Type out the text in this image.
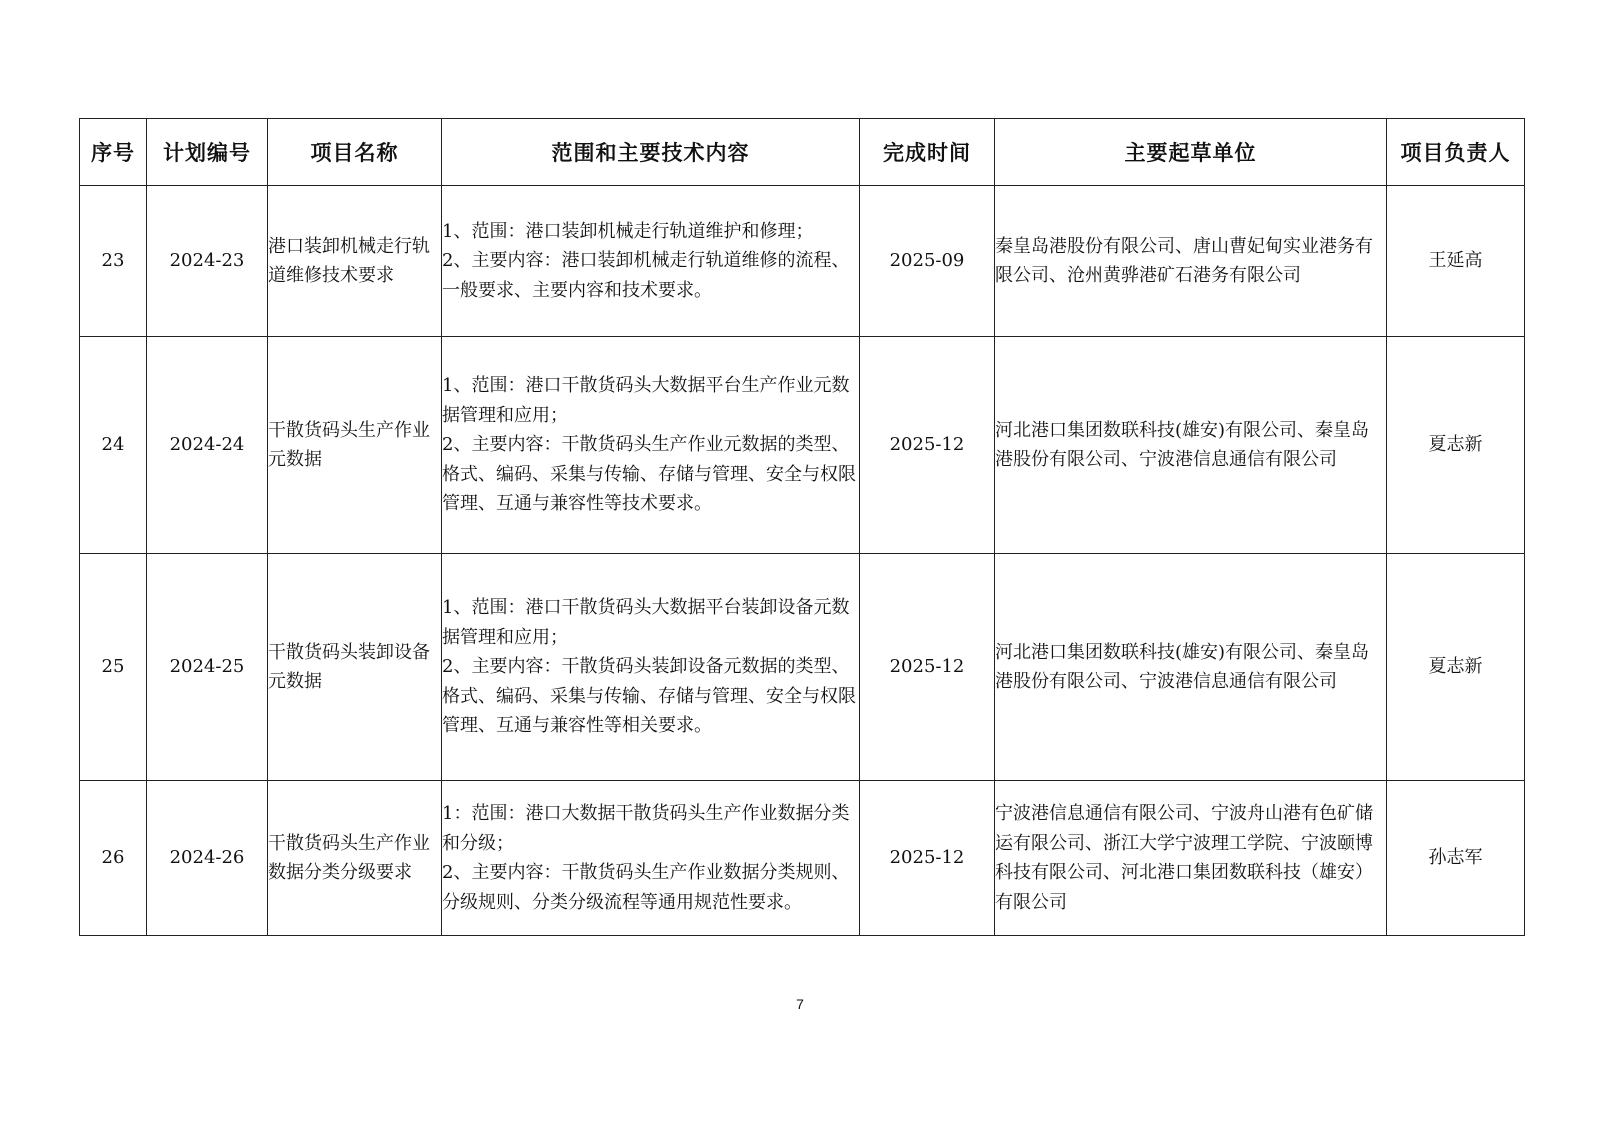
序号	计划编号	项目名称	范围和主要技术内容	完成时间	主要起草单位	项目负责人
23	2024-23	港口装卸机械走行轨道维修技术要求	1、范围：港口装卸机械走行轨道维护和修理；
2、主要内容：港口装卸机械走行轨道维修的流程、一般要求、主要内容和技术要求。	2025-09	秦皇岛港股份有限公司、唐山曹妃甸实业港务有限公司、沧州黄骅港矿石港务有限公司	王延高
24	2024-24	干散货码头生产作业元数据	1、范围：港口干散货码头大数据平台生产作业元数据管理和应用；
2、主要内容：干散货码头生产作业元数据的类型、格式、编码、采集与传输、存储与管理、安全与权限管理、互通与兼容性等技术要求。	2025-12	河北港口集团数联科技(雄安)有限公司、秦皇岛港股份有限公司、宁波港信息通信有限公司	夏志新
25	2024-25	干散货码头装卸设备元数据	1、范围：港口干散货码头大数据平台装卸设备元数据管理和应用；
2、主要内容：干散货码头装卸设备元数据的类型、格式、编码、采集与传输、存储与管理、安全与权限管理、互通与兼容性等相关要求。	2025-12	河北港口集团数联科技(雄安)有限公司、秦皇岛港股份有限公司、宁波港信息通信有限公司	夏志新
26	2024-26	干散货码头生产作业数据分类分级要求	1：范围：港口大数据干散货码头生产作业数据分类和分级；
2、主要内容：干散货码头生产作业数据分类规则、分级规则、分类分级流程等通用规范性要求。	2025-12	宁波港信息通信有限公司、宁波舟山港有色矿储运有限公司、浙江大学宁波理工学院、宁波颐博科技有限公司、河北港口集团数联科技（雄安）有限公司	孙志军
7
